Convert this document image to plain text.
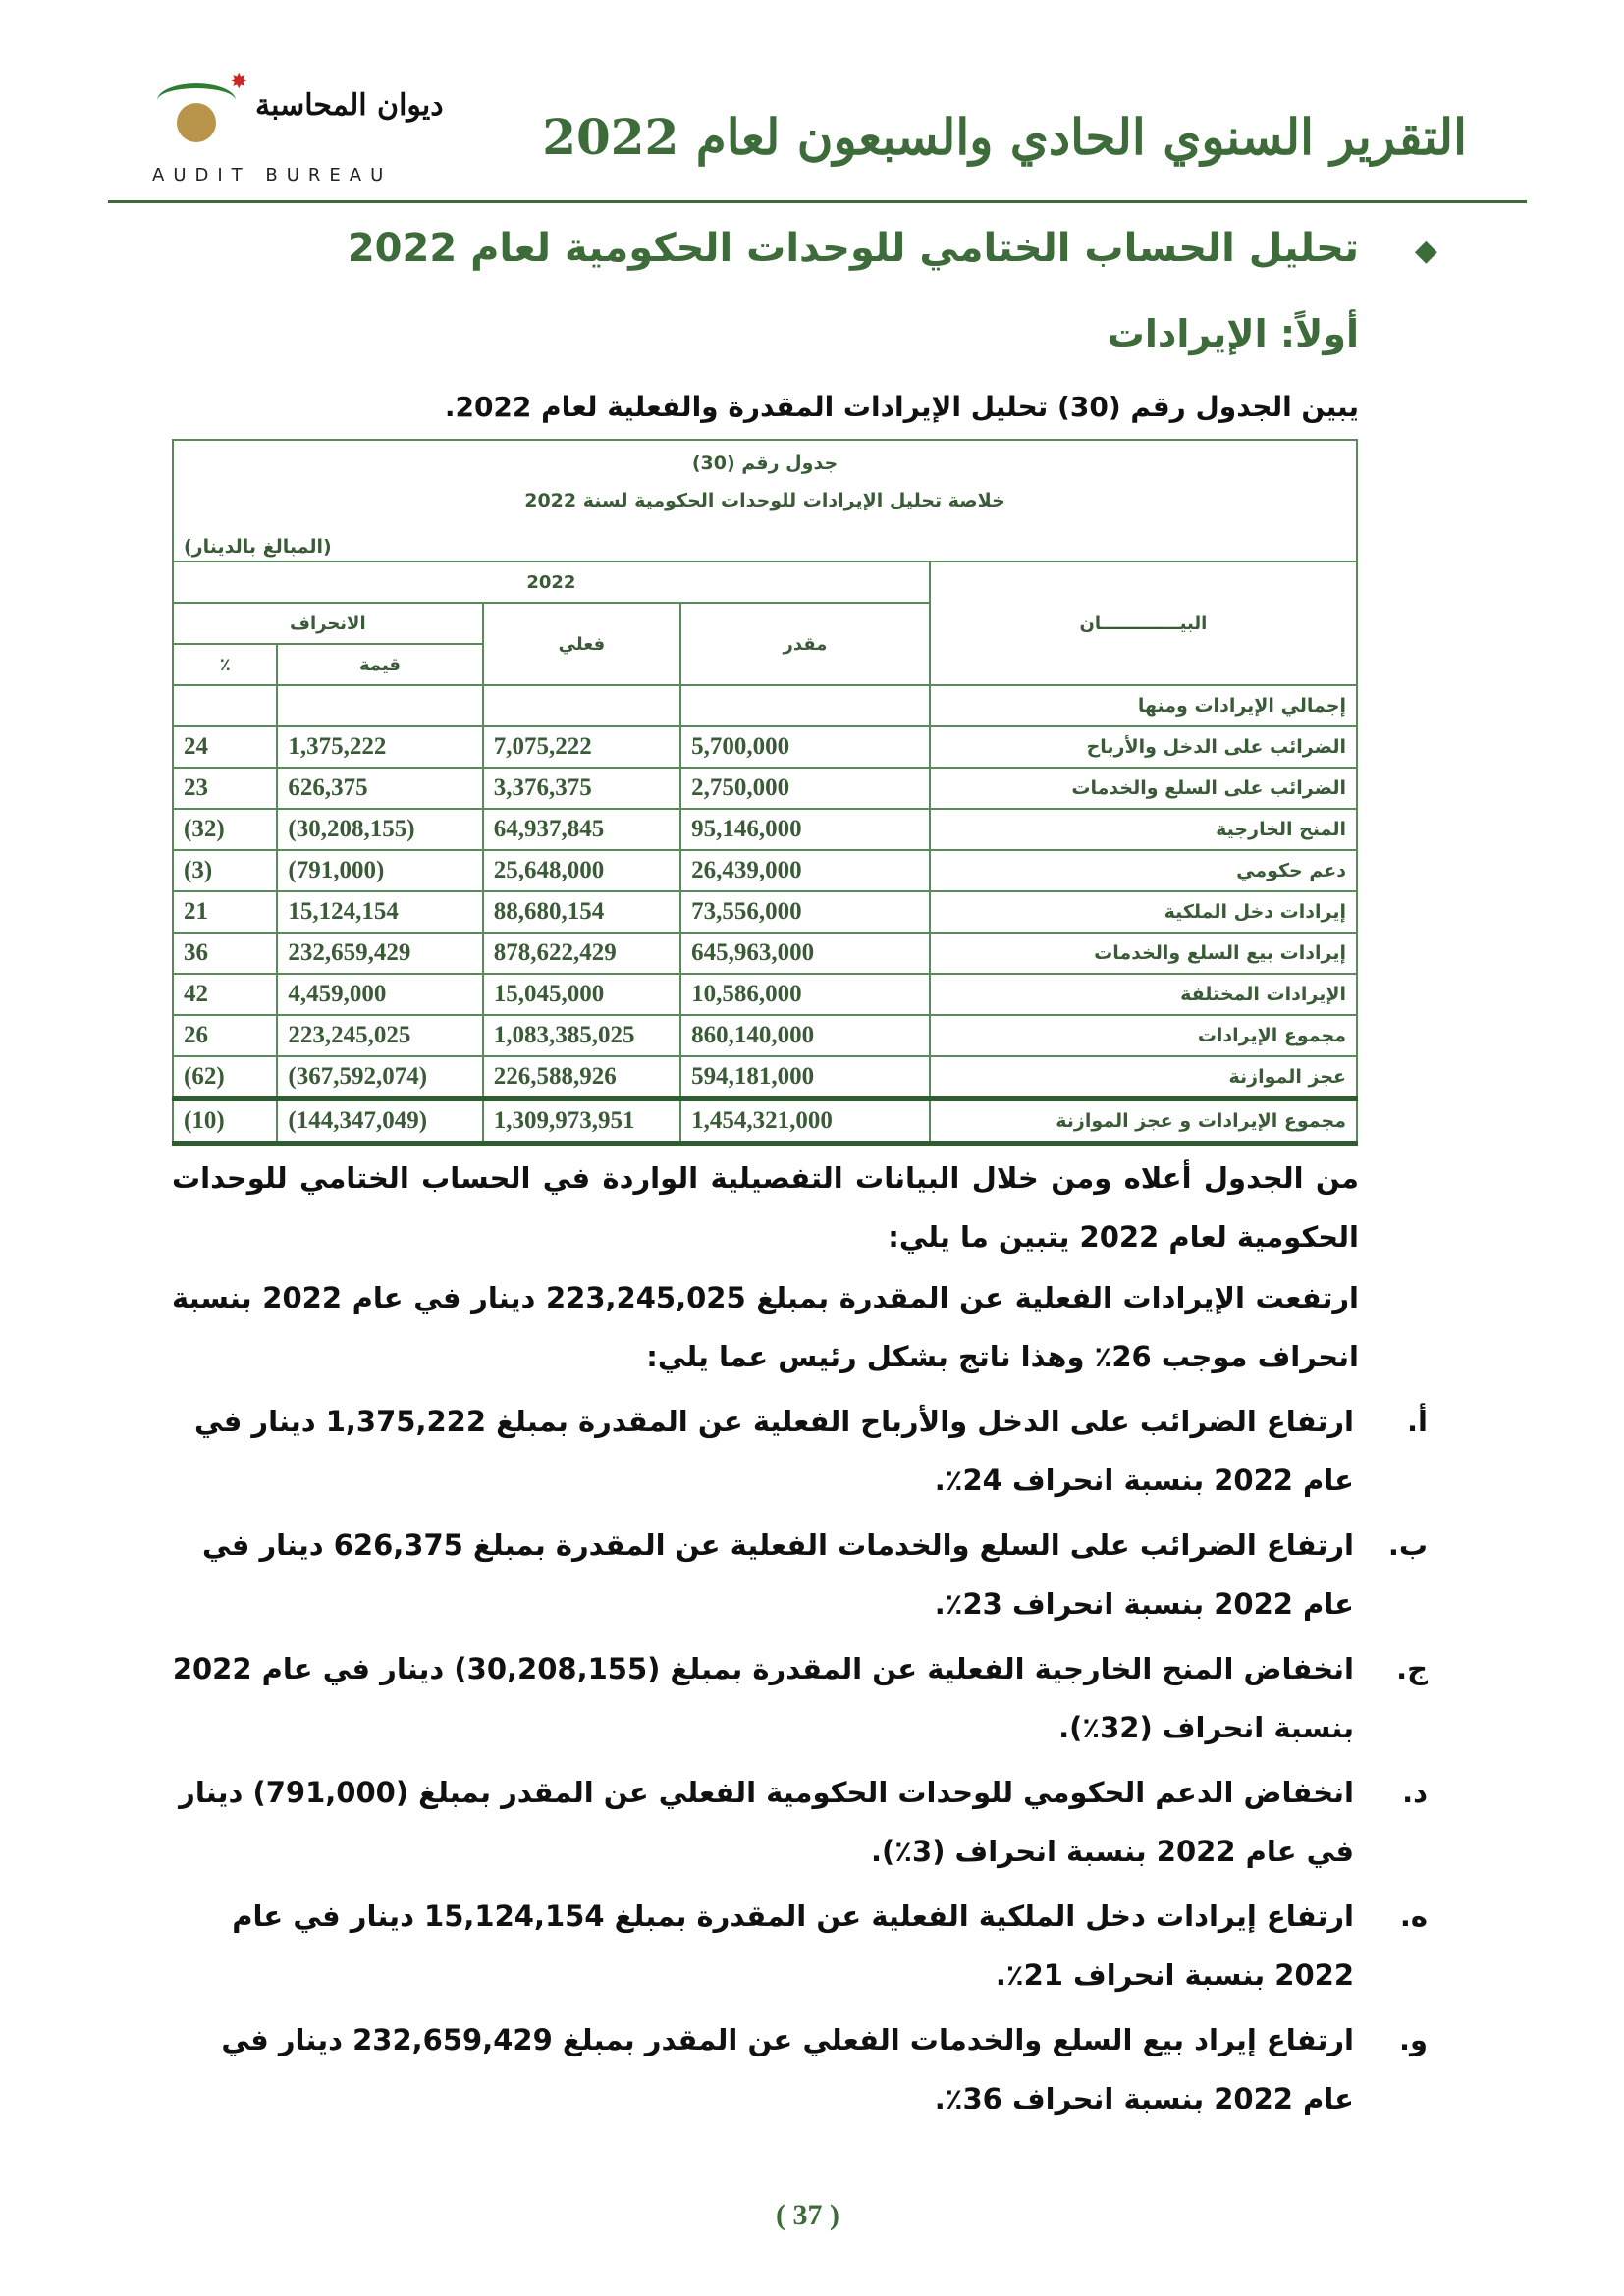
التقرير السنوي الحادي والسبعون لعام 2022
✸
ديوان المحاسبة
AUDIT BUREAU
◆
تحليل الحساب الختامي للوحدات الحكومية لعام 2022
أولاً: الإيرادات
يبين الجدول رقم (30) تحليل الإيرادات المقدرة والفعلية لعام 2022.
جدول رقم (30)
خلاصة تحليل الإيرادات للوحدات الحكومية لسنة 2022
(المبالغ بالدينار)				

البيـــــــــــــان	2022			
	مقدر	فعلي	الانحراف	
			قيمة	٪
إجمالي الإيرادات ومنها				
الضرائب على الدخل والأرباح	5,700,000	7,075,222	1,375,222	24
الضرائب على السلع والخدمات	2,750,000	3,376,375	626,375	23
المنح الخارجية	95,146,000	64,937,845	(30,208,155)	(32)
دعم حكومي	26,439,000	25,648,000	(791,000)	(3)
إيرادات دخل الملكية	73,556,000	88,680,154	15,124,154	21
إيرادات بيع السلع والخدمات	645,963,000	878,622,429	232,659,429	36
الإيرادات المختلفة	10,586,000	15,045,000	4,459,000	42
مجموع الإيرادات	860,140,000	1,083,385,025	223,245,025	26
عجز الموازنة	594,181,000	226,588,926	(367,592,074)	(62)
مجموع الإيرادات و عجز الموازنة	1,454,321,000	1,309,973,951	(144,347,049)	(10)
من الجدول أعلاه ومن خلال البيانات التفصيلية الواردة في الحساب الختامي للوحدات الحكومية لعام 2022 يتبين ما يلي:
ارتفعت الإيرادات الفعلية عن المقدرة بمبلغ 223,245,025 دينار في عام 2022 بنسبة انحراف موجب 26٪ وهذا ناتج بشكل رئيس عما يلي:
أ.
ارتفاع الضرائب على الدخل والأرباح الفعلية عن المقدرة بمبلغ 1,375,222 دينار في عام 2022 بنسبة انحراف 24٪.
ب.
ارتفاع الضرائب على السلع والخدمات الفعلية عن المقدرة بمبلغ 626,375 دينار في عام 2022 بنسبة انحراف 23٪.
ج.
انخفاض المنح الخارجية الفعلية عن المقدرة بمبلغ (30,208,155) دينار في عام 2022 بنسبة انحراف (32٪).
د.
انخفاض الدعم الحكومي للوحدات الحكومية الفعلي عن المقدر بمبلغ (791,000) دينار في عام 2022 بنسبة انحراف (3٪).
ه.
ارتفاع إيرادات دخل الملكية الفعلية عن المقدرة بمبلغ 15,124,154 دينار في عام 2022 بنسبة انحراف 21٪.
و.
ارتفاع إيراد بيع السلع والخدمات الفعلي عن المقدر بمبلغ 232,659,429 دينار في عام 2022 بنسبة انحراف 36٪.
( 37 )
